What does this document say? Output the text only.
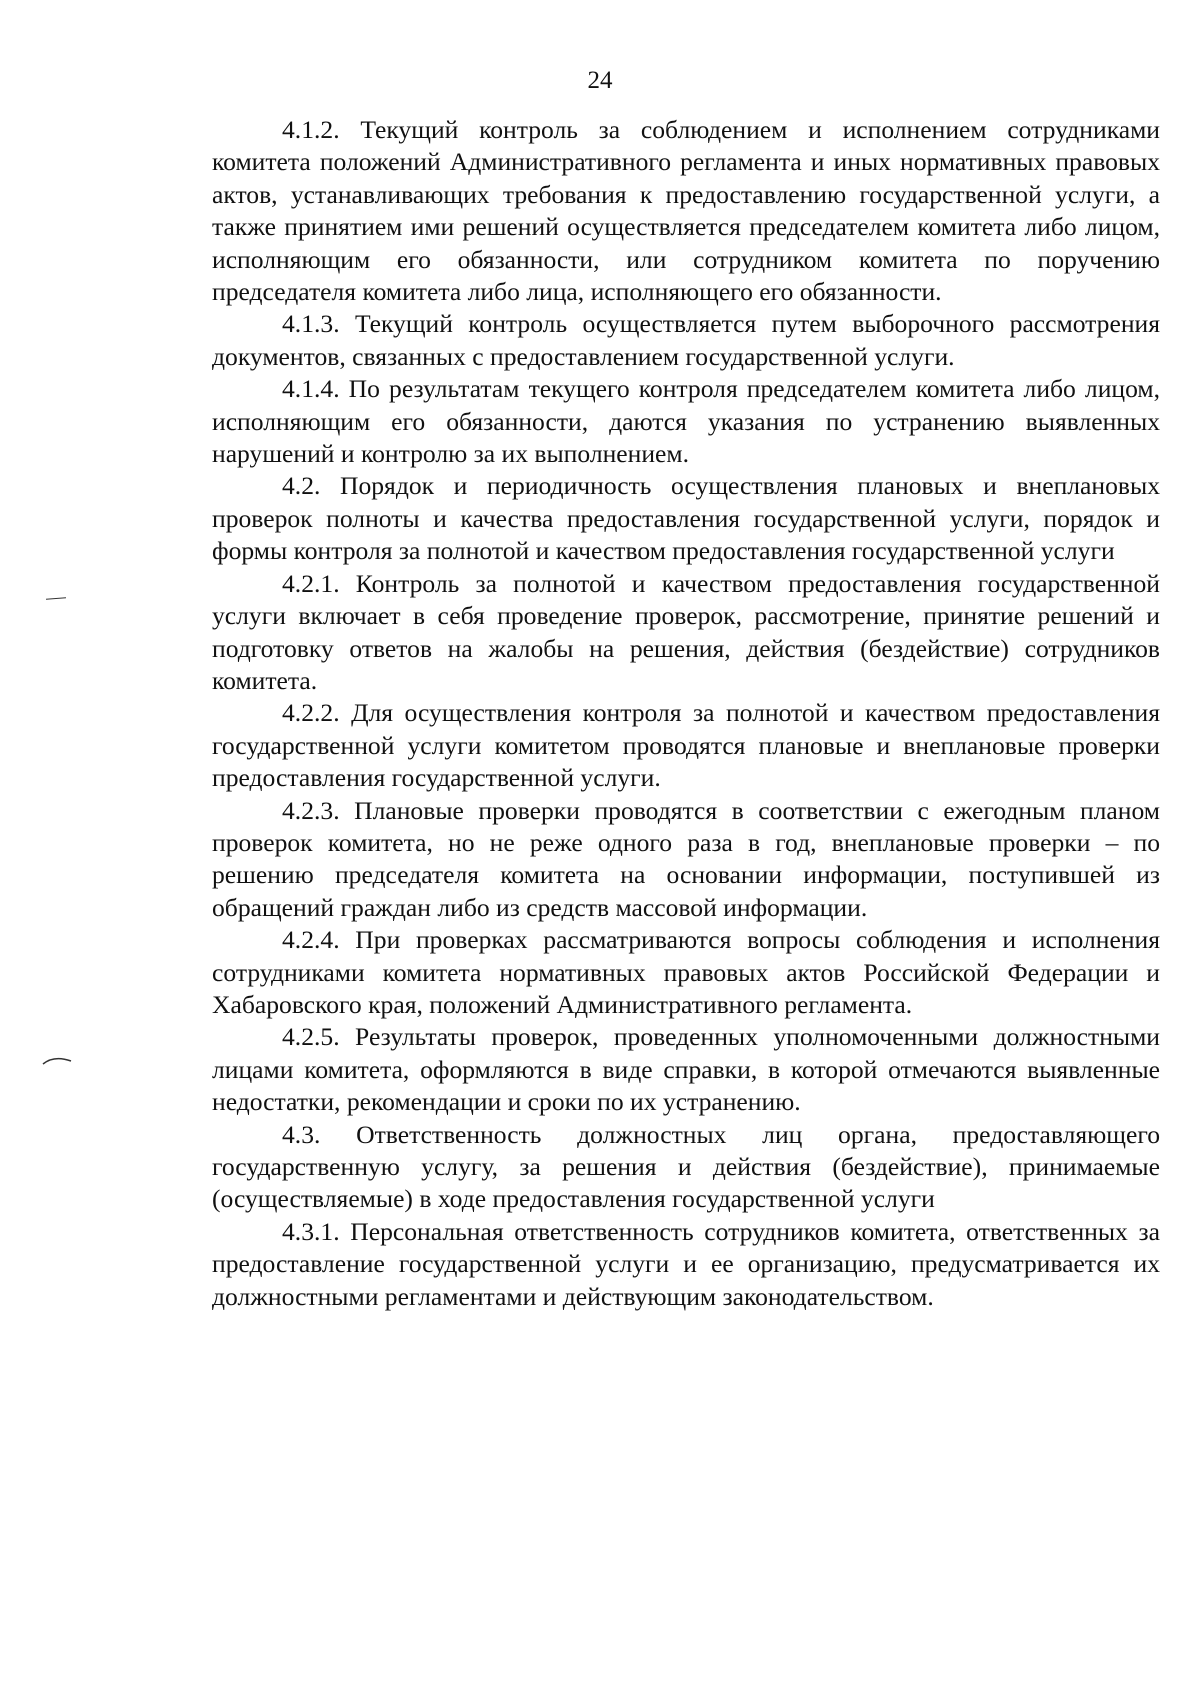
24

4.1.2. Текущий контроль за соблюдением и исполнением сотрудниками комитета положений Административного регламента и иных нормативных правовых актов, устанавливающих требования к предоставлению государственной услуги, а также принятием ими решений осуществляется председателем комитета либо лицом, исполняющим его обязанности, или сотрудником комитета по поручению председателя комитета либо лица, исполняющего его обязанности.

4.1.3. Текущий контроль осуществляется путем выборочного рассмотрения документов, связанных с предоставлением государственной услуги.

4.1.4. По результатам текущего контроля председателем комитета либо лицом, исполняющим его обязанности, даются указания по устранению выявленных нарушений и контролю за их выполнением.

4.2. Порядок и периодичность осуществления плановых и внеплановых проверок полноты и качества предоставления государственной услуги, порядок и формы контроля за полнотой и качеством предоставления государственной услуги

4.2.1. Контроль за полнотой и качеством предоставления государственной услуги включает в себя проведение проверок, рассмотрение, принятие решений и подготовку ответов на жалобы на решения, действия (бездействие) сотрудников комитета.

4.2.2. Для осуществления контроля за полнотой и качеством предоставления государственной услуги комитетом проводятся плановые и внеплановые проверки предоставления государственной услуги.

4.2.3. Плановые проверки проводятся в соответствии с ежегодным планом проверок комитета, но не реже одного раза в год, внеплановые проверки – по решению председателя комитета на основании информации, поступившей из обращений граждан либо из средств массовой информации.

4.2.4. При проверках рассматриваются вопросы соблюдения и исполнения сотрудниками комитета нормативных правовых актов Российской Федерации и Хабаровского края, положений Административного регламента.

4.2.5. Результаты проверок, проведенных уполномоченными должностными лицами комитета, оформляются в виде справки, в которой отмечаются выявленные недостатки, рекомендации и сроки по их устранению.

4.3. Ответственность должностных лиц органа, предоставляющего государственную услугу, за решения и действия (бездействие), принимаемые (осуществляемые) в ходе предоставления государственной услуги

4.3.1. Персональная ответственность сотрудников комитета, ответственных за предоставление государственной услуги и ее организацию, предусматривается их должностными регламентами и действующим законодательством.
